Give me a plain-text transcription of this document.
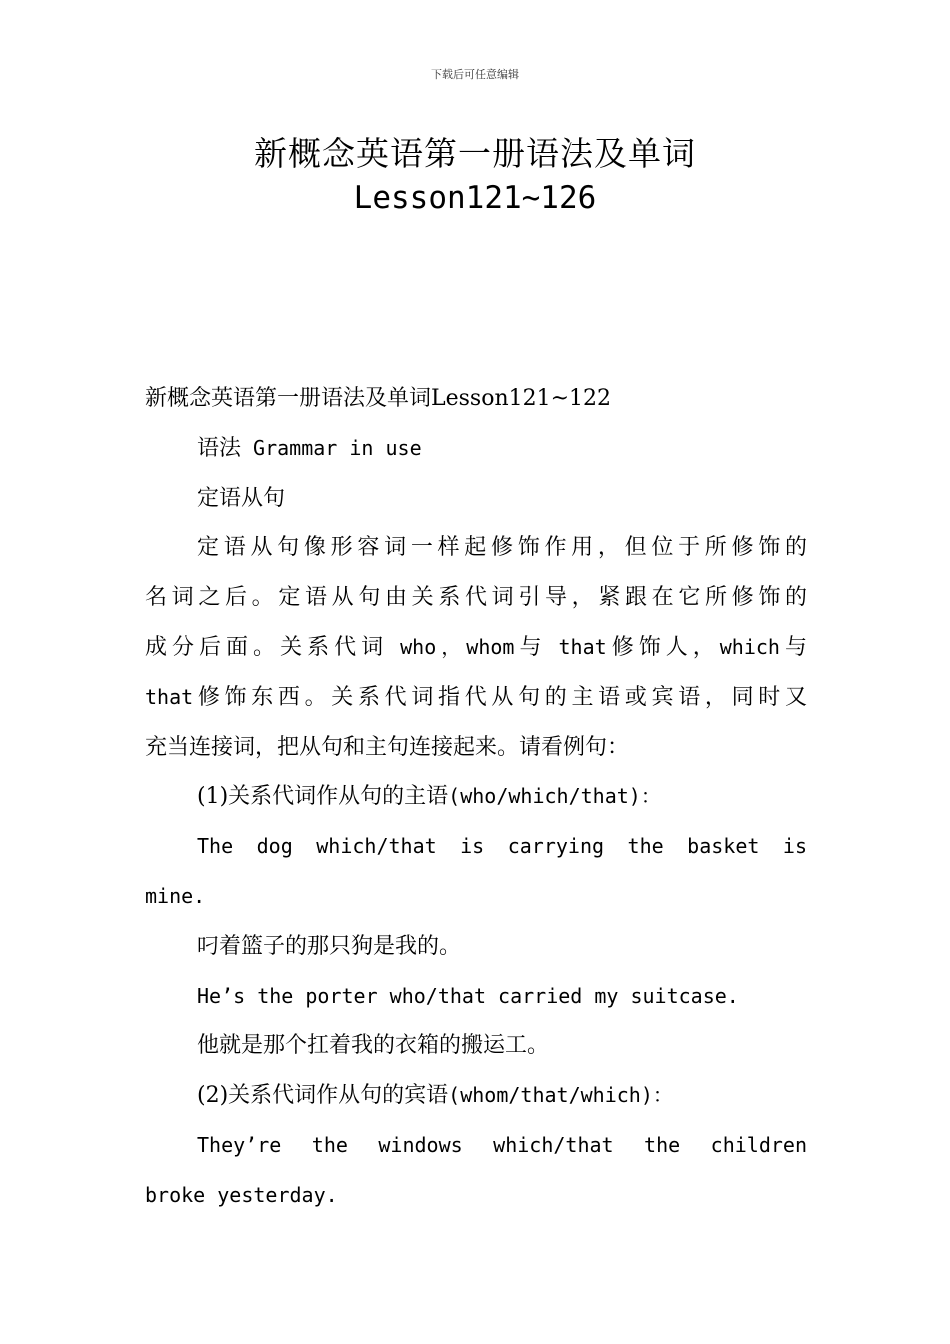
下载后可任意编辑
新概念英语第一册语法及单词
Lesson121~126
新概念英语第一册语法及单词Lesson121~122
语法 Grammar in use
定语从句
定语从句像形容词一样起修饰作用，但位于所修饰的
名词之后。定语从句由关系代词引导，紧跟在它所修饰的
成分后面。关系代词 who，whom与 that修饰人，which与
that修饰东西。关系代词指代从句的主语或宾语，同时又
充当连接词，把从句和主句连接起来。请看例句：
(1)关系代词作从句的主语(who/which/that)：
The dog which/that is carrying the basket is
mine.
叼着篮子的那只狗是我的。
He’s the porter who/that carried my suitcase.
他就是那个扛着我的衣箱的搬运工。
(2)关系代词作从句的宾语(whom/that/which)：
They’re the windows which/that the children
broke yesterday.
